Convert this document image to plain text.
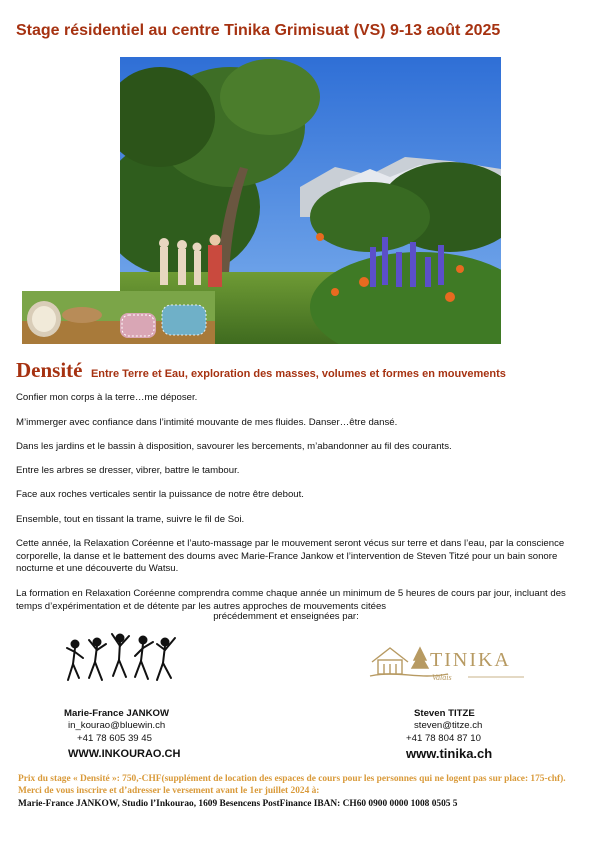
Stage résidentiel au centre Tinika Grimisuat (VS) 9-13 août 2025
Densité Entre Terre et Eau, exploration des masses, volumes et formes en mouvements
Confier mon corps à la terre…me déposer.
M’immerger avec confiance dans l’intimité mouvante de mes fluides. Danser…être dansé.
Dans les jardins et le bassin à disposition, savourer les bercements, m’abandonner au fil des courants.
Entre les arbres se dresser, vibrer, battre le tambour.
Face aux roches verticales sentir la puissance de notre être debout.
Ensemble, tout en tissant la trame, suivre le fil de Soi.
Cette année, la Relaxation Coréenne et l’auto-massage par le mouvement seront vécus sur terre et dans l’eau, par la conscience corporelle, la danse et le battement des doums avec Marie-France Jankow et l’intervention de Steven Titzé pour un bain sonore nocturne et une découverte du Watsu.
La formation en Relaxation Coréenne comprendra comme chaque année un minimum de 5 heures de cours par jour, incluant des temps d’expérimentation et de détente par les autres approches de mouvements citées
précédemment et enseignées par:
TINIKA
Valais
Marie-France JANKOW
in_kourao@bluewin.ch
+41 78 605 39 45
WWW.INKOURAO.CH
Steven TITZE
steven@titze.ch
+41 78 804 87 10
www.tinika.ch
Prix du stage « Densité »: 750,-CHF(supplément de location des espaces de cours pour les personnes qui ne logent pas sur place: 175-chf). Merci de vous inscrire et d’adresser le versement avant le 1er juillet 2024 à:
Marie-France JANKOW, Studio l’Inkourao, 1609 Besencens PostFinance IBAN: CH60 0900 0000 1008 0505 5
